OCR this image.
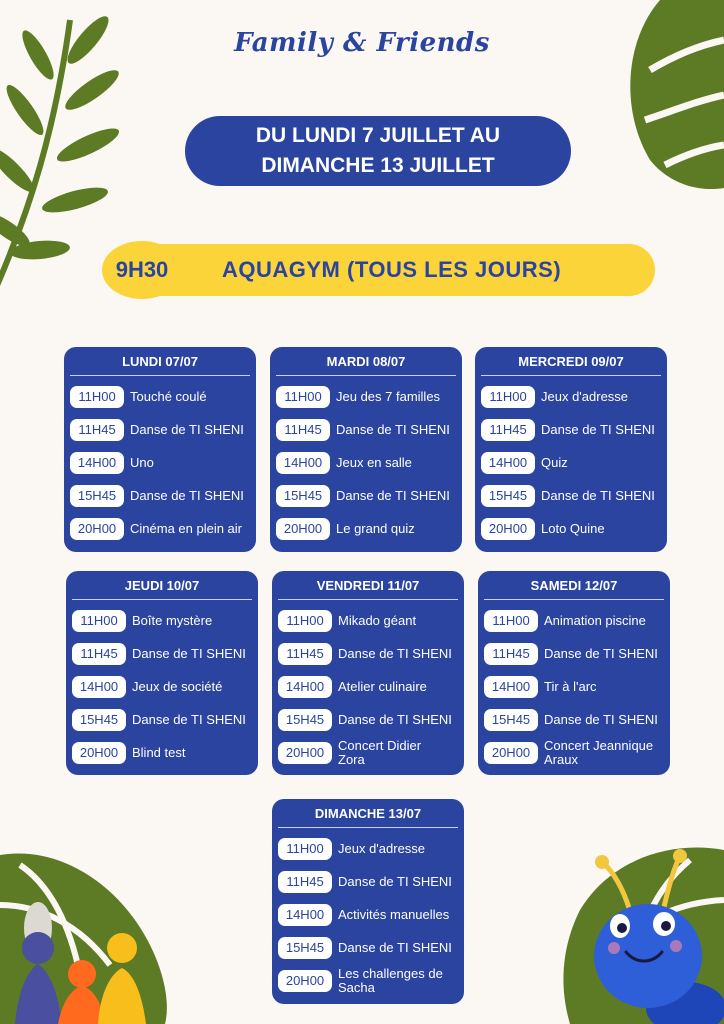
Family & Friends
DU LUNDI 7 JUILLET AU
DIMANCHE 13 JUILLET
9H30	AQUAGYM (TOUS LES JOURS)
LUNDI 07/07
11H00	Touché coulé
11H45	Danse de TI SHENI
14H00	Uno
15H45	Danse de TI SHENI
20H00	Cinéma en plein air
MARDI 08/07
11H00	Jeu des 7 familles
11H45	Danse de TI SHENI
14H00	Jeux en salle
15H45	Danse de TI SHENI
20H00	Le grand quiz
MERCREDI 09/07
11H00	Jeux d'adresse
11H45	Danse de TI SHENI
14H00	Quiz
15H45	Danse de TI SHENI
20H00	Loto Quine
JEUDI 10/07
11H00	Boîte mystère
11H45	Danse de TI SHENI
14H00	Jeux de société
15H45	Danse de TI SHENI
20H00	Blind test
VENDREDI 11/07
11H00	Mikado géant
11H45	Danse de TI SHENI
14H00	Atelier culinaire
15H45	Danse de TI SHENI
20H00	Concert Didier Zora
SAMEDI 12/07
11H00	Animation piscine
11H45	Danse de TI SHENI
14H00	Tir à l'arc
15H45	Danse de TI SHENI
20H00	Concert Jeannique Araux
DIMANCHE 13/07
11H00	Jeux d'adresse
11H45	Danse de TI SHENI
14H00	Activités manuelles
15H45	Danse de TI SHENI
20H00	Les challenges de Sacha
